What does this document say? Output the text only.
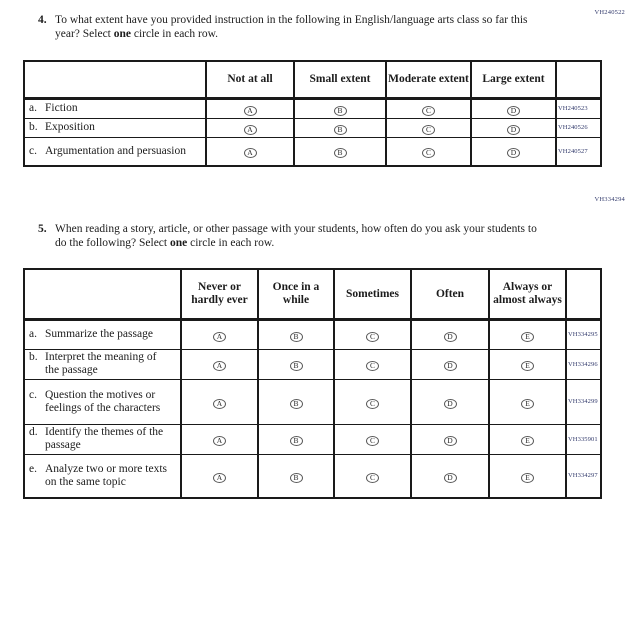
VH240522
4. To what extent have you provided instruction in the following in English/language arts class so far this year? Select one circle in each row.
	Not at all	Small extent	Moderate extent	Large extent	

a. Fiction	A	B	C	D	VH240523

b. Exposition	A	B	C	D	VH240526

c. Argumentation and persuasion	A	B	C	D	VH240527
VH334294
5. When reading a story, article, or other passage with your students, how often do you ask your students to do the following? Select one circle in each row.
	Never or hardly ever	Once in a while	Sometimes	Often	Always or almost always	

a. Summarize the passage	A	B	C	D	E	VH334295

b. Interpret the meaning of the passage	A	B	C	D	E	VH334296

c. Question the motives or feelings of the characters	A	B	C	D	E	VH334299

d. Identify the themes of the passage	A	B	C	D	E	VH335901

e. Analyze two or more texts on the same topic	A	B	C	D	E	VH334297
